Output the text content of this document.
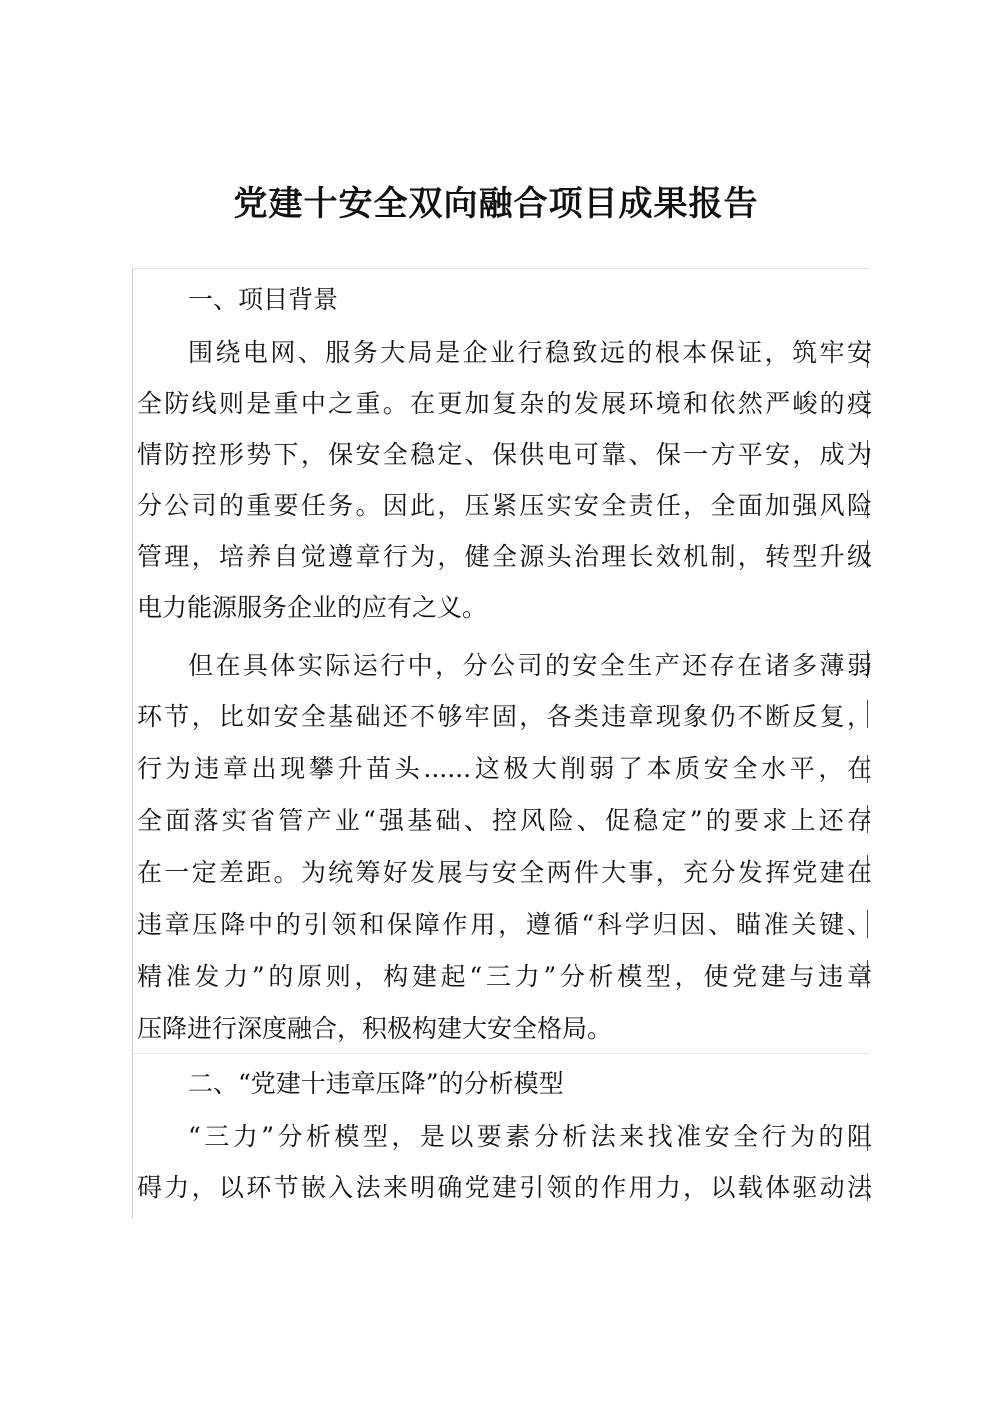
党建十安全双向融合项目成果报告
一、项目背景
围绕电网、服务大局是企业行稳致远的根本保证，筑牢安
全防线则是重中之重。在更加复杂的发展环境和依然严峻的疫
情防控形势下，保安全稳定、保供电可靠、保一方平安，成为
分公司的重要任务。因此，压紧压实安全责任，全面加强风险
管理，培养自觉遵章行为，健全源头治理长效机制，转型升级
电力能源服务企业的应有之义。
但在具体实际运行中，分公司的安全生产还存在诸多薄弱
环节，比如安全基础还不够牢固，各类违章现象仍不断反复，
行为违章出现攀升苗头......这极大削弱了本质安全水平，在
全面落实省管产业“强基础、控风险、促稳定”的要求上还存
在一定差距。为统筹好发展与安全两件大事，充分发挥党建在
违章压降中的引领和保障作用，遵循“科学归因、瞄准关键、
精准发力”的原则，构建起“三力”分析模型，使党建与违章
压降进行深度融合，积极构建大安全格局。
二、“党建十违章压降”的分析模型
“三力”分析模型，是以要素分析法来找准安全行为的阻
碍力，以环节嵌入法来明确党建引领的作用力，以载体驱动法
